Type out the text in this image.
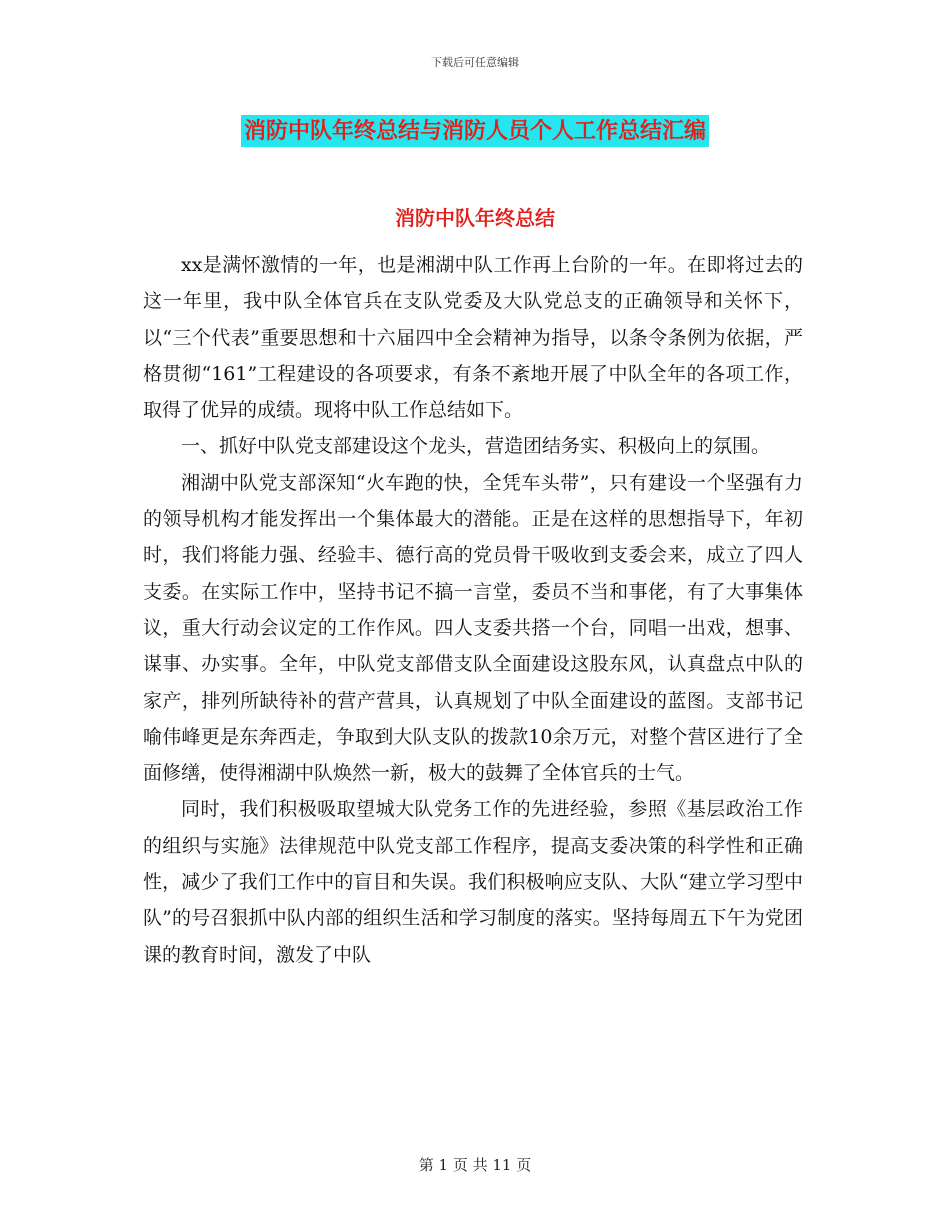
下载后可任意编辑
消防中队年终总结与消防人员个人工作总结汇编
消防中队年终总结

xx是满怀激情的一年，也是湘湖中队工作再上台阶的一年。在即将过去的这一年里，我中队全体官兵在支队党委及大队党总支的正确领导和关怀下，以“三个代表”重要思想和十六届四中全会精神为指导，以条令条例为依据，严格贯彻“161”工程建设的各项要求，有条不紊地开展了中队全年的各项工作，取得了优异的成绩。现将中队工作总结如下。

一、抓好中队党支部建设这个龙头，营造团结务实、积极向上的氛围。

湘湖中队党支部深知“火车跑的快，全凭车头带”，只有建设一个坚强有力的领导机构才能发挥出一个集体最大的潜能。正是在这样的思想指导下，年初时，我们将能力强、经验丰、德行高的党员骨干吸收到支委会来，成立了四人支委。在实际工作中，坚持书记不搞一言堂，委员不当和事佬，有了大事集体议，重大行动会议定的工作作风。四人支委共搭一个台，同唱一出戏，想事、谋事、办实事。全年，中队党支部借支队全面建设这股东风，认真盘点中队的家产，排列所缺待补的营产营具，认真规划了中队全面建设的蓝图。支部书记喻伟峰更是东奔西走，争取到大队支队的拨款10余万元，对整个营区进行了全面修缮，使得湘湖中队焕然一新，极大的鼓舞了全体官兵的士气。

同时，我们积极吸取望城大队党务工作的先进经验，参照《基层政治工作的组织与实施》法律规范中队党支部工作程序，提高支委决策的科学性和正确性，减少了我们工作中的盲目和失误。我们积极响应支队、大队“建立学习型中队”的号召狠抓中队内部的组织生活和学习制度的落实。坚持每周五下午为党团课的教育时间，激发了中队

第 1 页 共 11 页
